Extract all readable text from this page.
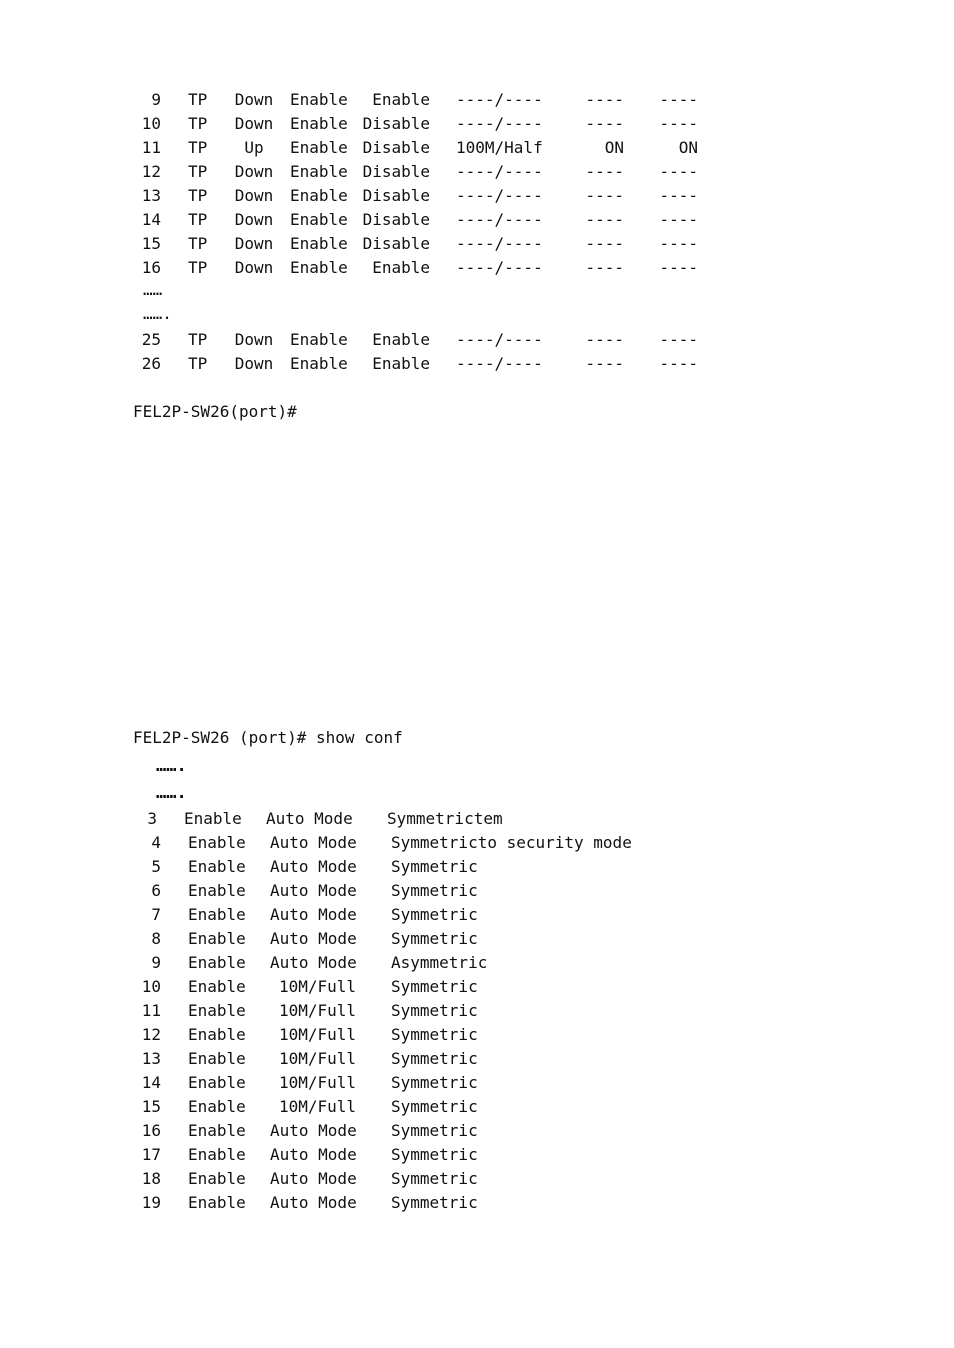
9 TP Down Enable	Enable ----/----	---- ----
10 TP Down Enable Disable ----/----	---- ----
11 TP	Up	Enable Disable 100M/Half	ON	ON
12 TP Down Enable Disable ----/----	---- ----
13 TP Down Enable Disable ----/----	---- ----
14 TP Down Enable Disable ----/----	---- ----
15 TP Down Enable Disable ----/----	---- ----
16 TP Down Enable	Enable ----/----	---- ----
……
…….
25 TP Down Enable	Enable ----/----	---- ----
26 TP Down Enable	Enable ----/----	---- ----
FEL2P-SW26(port)#
FEL2P-SW26 (port)# show conf
…….
…….
3 Enable Auto Mode Symmetrictem
4 Enable Auto Mode Symmetricto security mode
5 Enable Auto Mode Symmetric
6 Enable Auto Mode Symmetric
7 Enable Auto Mode Symmetric
8 Enable Auto Mode Symmetric
9 Enable Auto Mode Asymmetric
10 Enable	10M/Full Symmetric
11 Enable	10M/Full Symmetric
12 Enable	10M/Full Symmetric
13 Enable	10M/Full Symmetric
14 Enable	10M/Full Symmetric
15 Enable	10M/Full Symmetric
16 Enable Auto Mode Symmetric
17 Enable Auto Mode Symmetric
18 Enable Auto Mode Symmetric
19 Enable Auto Mode Symmetric
